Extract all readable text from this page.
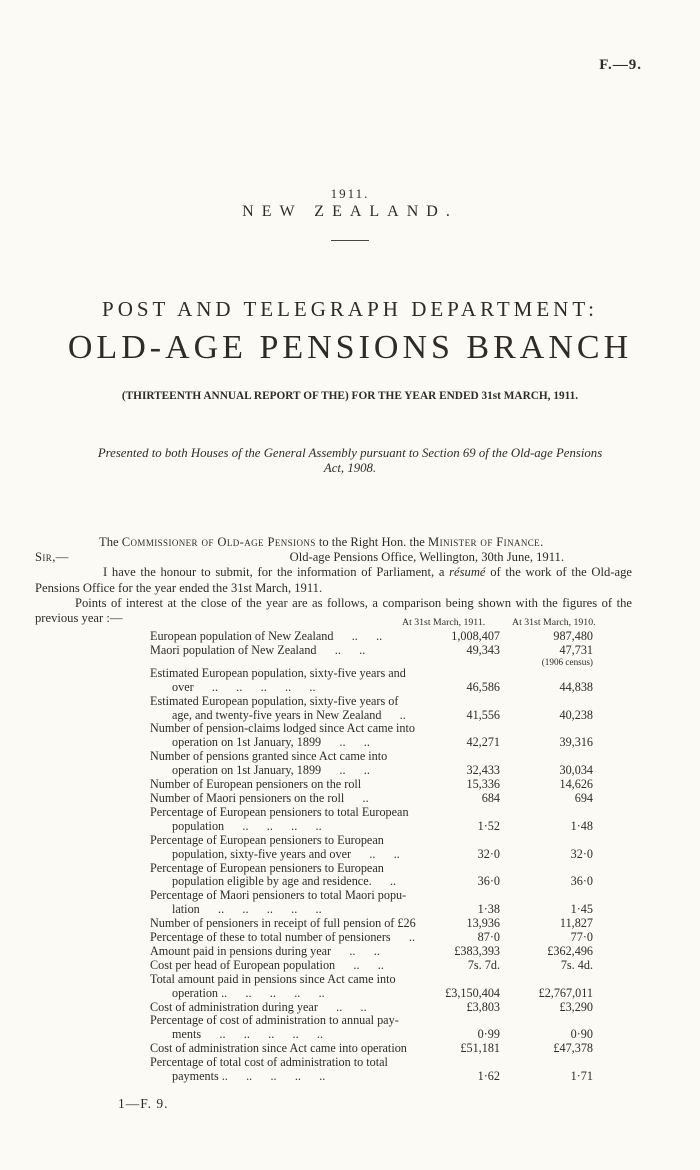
F.—9.
1911.
NEW ZEALAND.
POST AND TELEGRAPH DEPARTMENT:
OLD-AGE PENSIONS BRANCH
(THIRTEENTH ANNUAL REPORT OF THE) FOR THE YEAR ENDED 31st MARCH, 1911.
Presented to both Houses of the General Assembly pursuant to Section 69 of the Old-age Pensions
Act, 1908.
The Commissioner of Old-age Pensions to the Right Hon. the Minister of Finance.
Sir,—	Old-age Pensions Office, Wellington, 30th June, 1911.
I have the honour to submit, for the information of Parliament, a résumé of the work of the Old-age Pensions Office for the year ended the 31st March, 1911.
Points of interest at the close of the year are as follows, a comparison being shown with the figures of the previous year :—	At 31st March, 1911.	At 31st March, 1910.
European population of New Zealand      ..      ..	1,008,407	987,480
Maori population of New Zealand      ..      ..	49,343	47,731
(1906 census)
Estimated European population, sixty-five years and
over      ..      ..      ..      ..      ..	46,586	44,838
Estimated European population, sixty-five years of
age, and twenty-five years in New Zealand      ..	41,556	40,238
Number of pension-claims lodged since Act came into
operation on 1st January, 1899      ..      ..	42,271	39,316
Number of pensions granted since Act came into
operation on 1st January, 1899      ..      ..	32,433	30,034
Number of European pensioners on the roll	15,336	14,626
Number of Maori pensioners on the roll      ..	684	694
Percentage of European pensioners to total European
population      ..      ..      ..      ..	1·52	1·48
Percentage of European pensioners to European
population, sixty-five years and over      ..      ..	32·0	32·0
Percentage of European pensioners to European
population eligible by age and residence.      ..	36·0	36·0
Percentage of Maori pensioners to total Maori popu-
lation      ..      ..      ..      ..      ..	1·38	1·45
Number of pensioners in receipt of full pension of £26	13,936	11,827
Percentage of these to total number of pensioners      ..	87·0	77·0
Amount paid in pensions during year      ..      ..	£383,393	£362,496
Cost per head of European population      ..      ..	7s. 7d.	7s. 4d.
Total amount paid in pensions since Act came into
operation ..      ..      ..      ..      ..	£3,150,404	£2,767,011
Cost of administration during year      ..      ..	£3,803	£3,290
Percentage of cost of administration to annual pay-
ments      ..      ..      ..      ..      ..	0·99	0·90
Cost of administration since Act came into operation	£51,181	£47,378
Percentage of total cost of administration to total
payments ..      ..      ..      ..      ..	1·62	1·71
1—F. 9.
